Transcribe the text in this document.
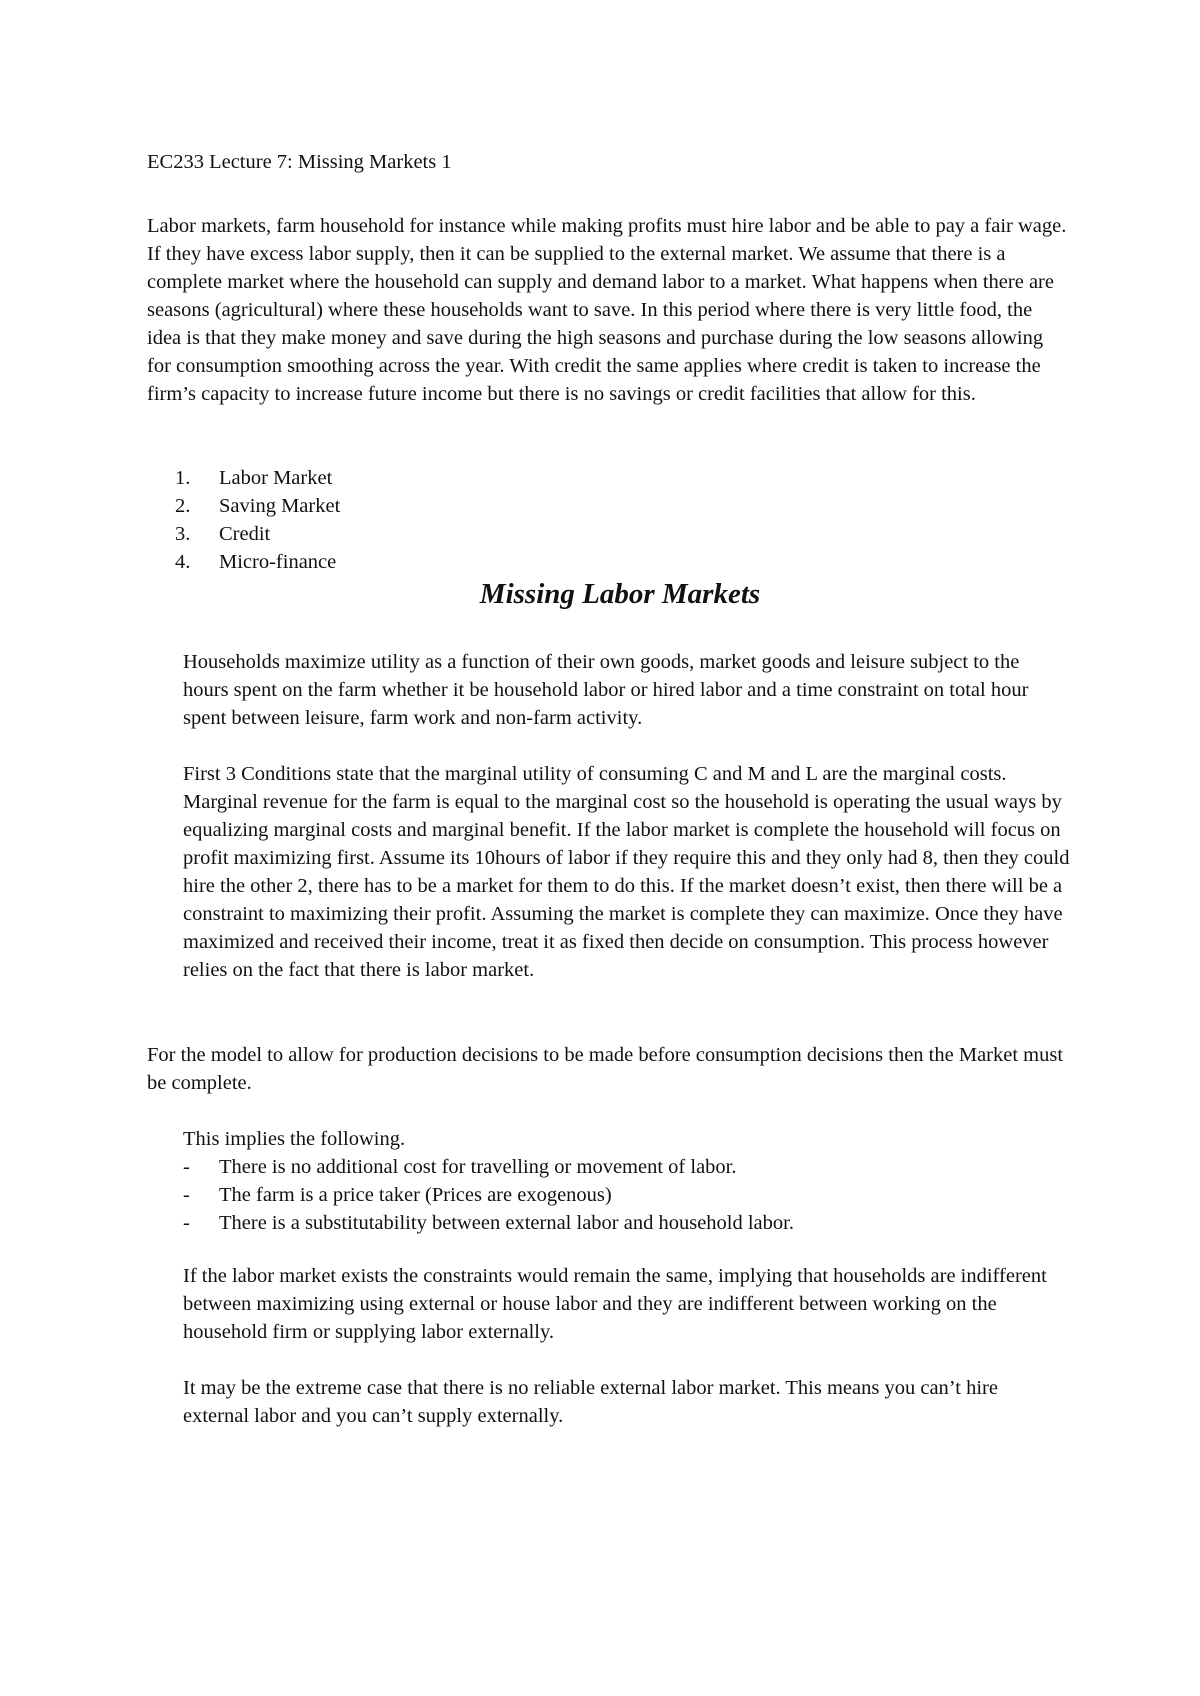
EC233 Lecture 7: Missing Markets 1

Labor markets, farm household for instance while making profits must hire labor and be able to pay a fair wage. If they have excess labor supply, then it can be supplied to the external market. We assume that there is a complete market where the household can supply and demand labor to a market. What happens when there are seasons (agricultural) where these households want to save. In this period where there is very little food, the idea is that they make money and save during the high seasons and purchase during the low seasons allowing for consumption smoothing across the year. With credit the same applies where credit is taken to increase the firm’s capacity to increase future income but there is no savings or credit facilities that allow for this.

1.	Labor Market
2.	Saving Market
3.	Credit
4.	Micro-finance
Missing Labor Markets

Households maximize utility as a function of their own goods, market goods and leisure subject to the hours spent on the farm whether it be household labor or hired labor and a time constraint on total hour spent between leisure, farm work and non-farm activity.

First 3 Conditions state that the marginal utility of consuming C and M and L are the marginal costs. Marginal revenue for the farm is equal to the marginal cost so the household is operating the usual ways by equalizing marginal costs and marginal benefit. If the labor market is complete the household will focus on profit maximizing first. Assume its 10hours of labor if they require this and they only had 8, then they could hire the other 2, there has to be a market for them to do this. If the market doesn’t exist, then there will be a constraint to maximizing their profit. Assuming the market is complete they can maximize. Once they have maximized and received their income, treat it as fixed then decide on consumption. This process however relies on the fact that there is labor market.

For the model to allow for production decisions to be made before consumption decisions then the Market must be complete.

This implies the following.

-	There is no additional cost for travelling or movement of labor.
-	The farm is a price taker (Prices are exogenous)
-	There is a substitutability between external labor and household labor.

If the labor market exists the constraints would remain the same, implying that households are indifferent between maximizing using external or house labor and they are indifferent between working on the household firm or supplying labor externally.

It may be the extreme case that there is no reliable external labor market. This means you can’t hire external labor and you can’t supply externally.
